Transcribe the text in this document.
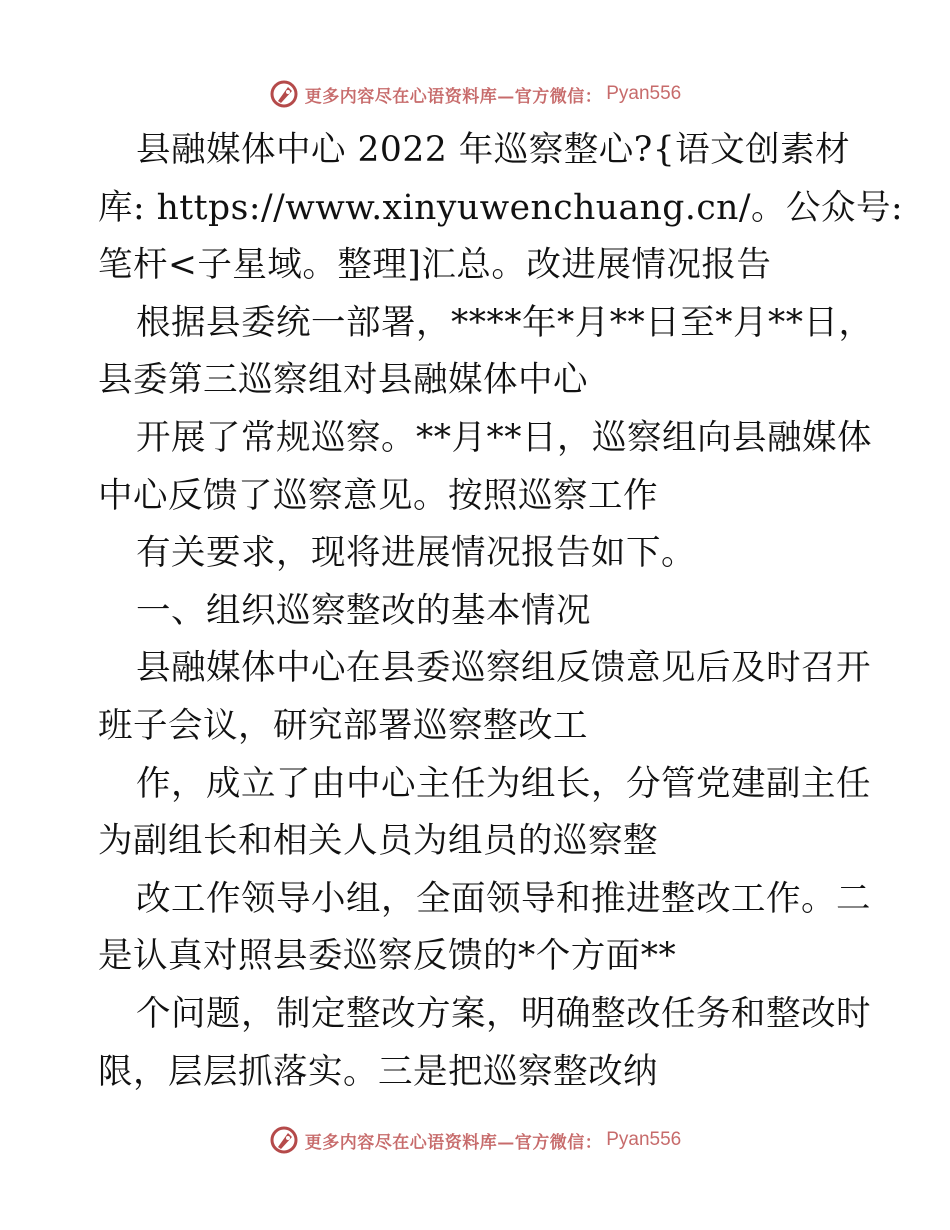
更多内容尽在心语资料库—官方微信： Pyan556
县融媒体中心 2022 年巡察整心?{语文创素材
库: https://www.xinyuwenchuang.cn/。公众号:
笔杆<子星域。整理]汇总。改进展情况报告
根据县委统一部署，****年*月**日至*月**日，
县委第三巡察组对县融媒体中心
开展了常规巡察。**月**日，巡察组向县融媒体
中心反馈了巡察意见。按照巡察工作
有关要求，现将进展情况报告如下。
一、组织巡察整改的基本情况
县融媒体中心在县委巡察组反馈意见后及时召开
班子会议，研究部署巡察整改工
作，成立了由中心主任为组长，分管党建副主任
为副组长和相关人员为组员的巡察整
改工作领导小组，全面领导和推进整改工作。二
是认真对照县委巡察反馈的*个方面**
个问题，制定整改方案，明确整改任务和整改时
限，层层抓落实。三是把巡察整改纳
更多内容尽在心语资料库—官方微信： Pyan556
